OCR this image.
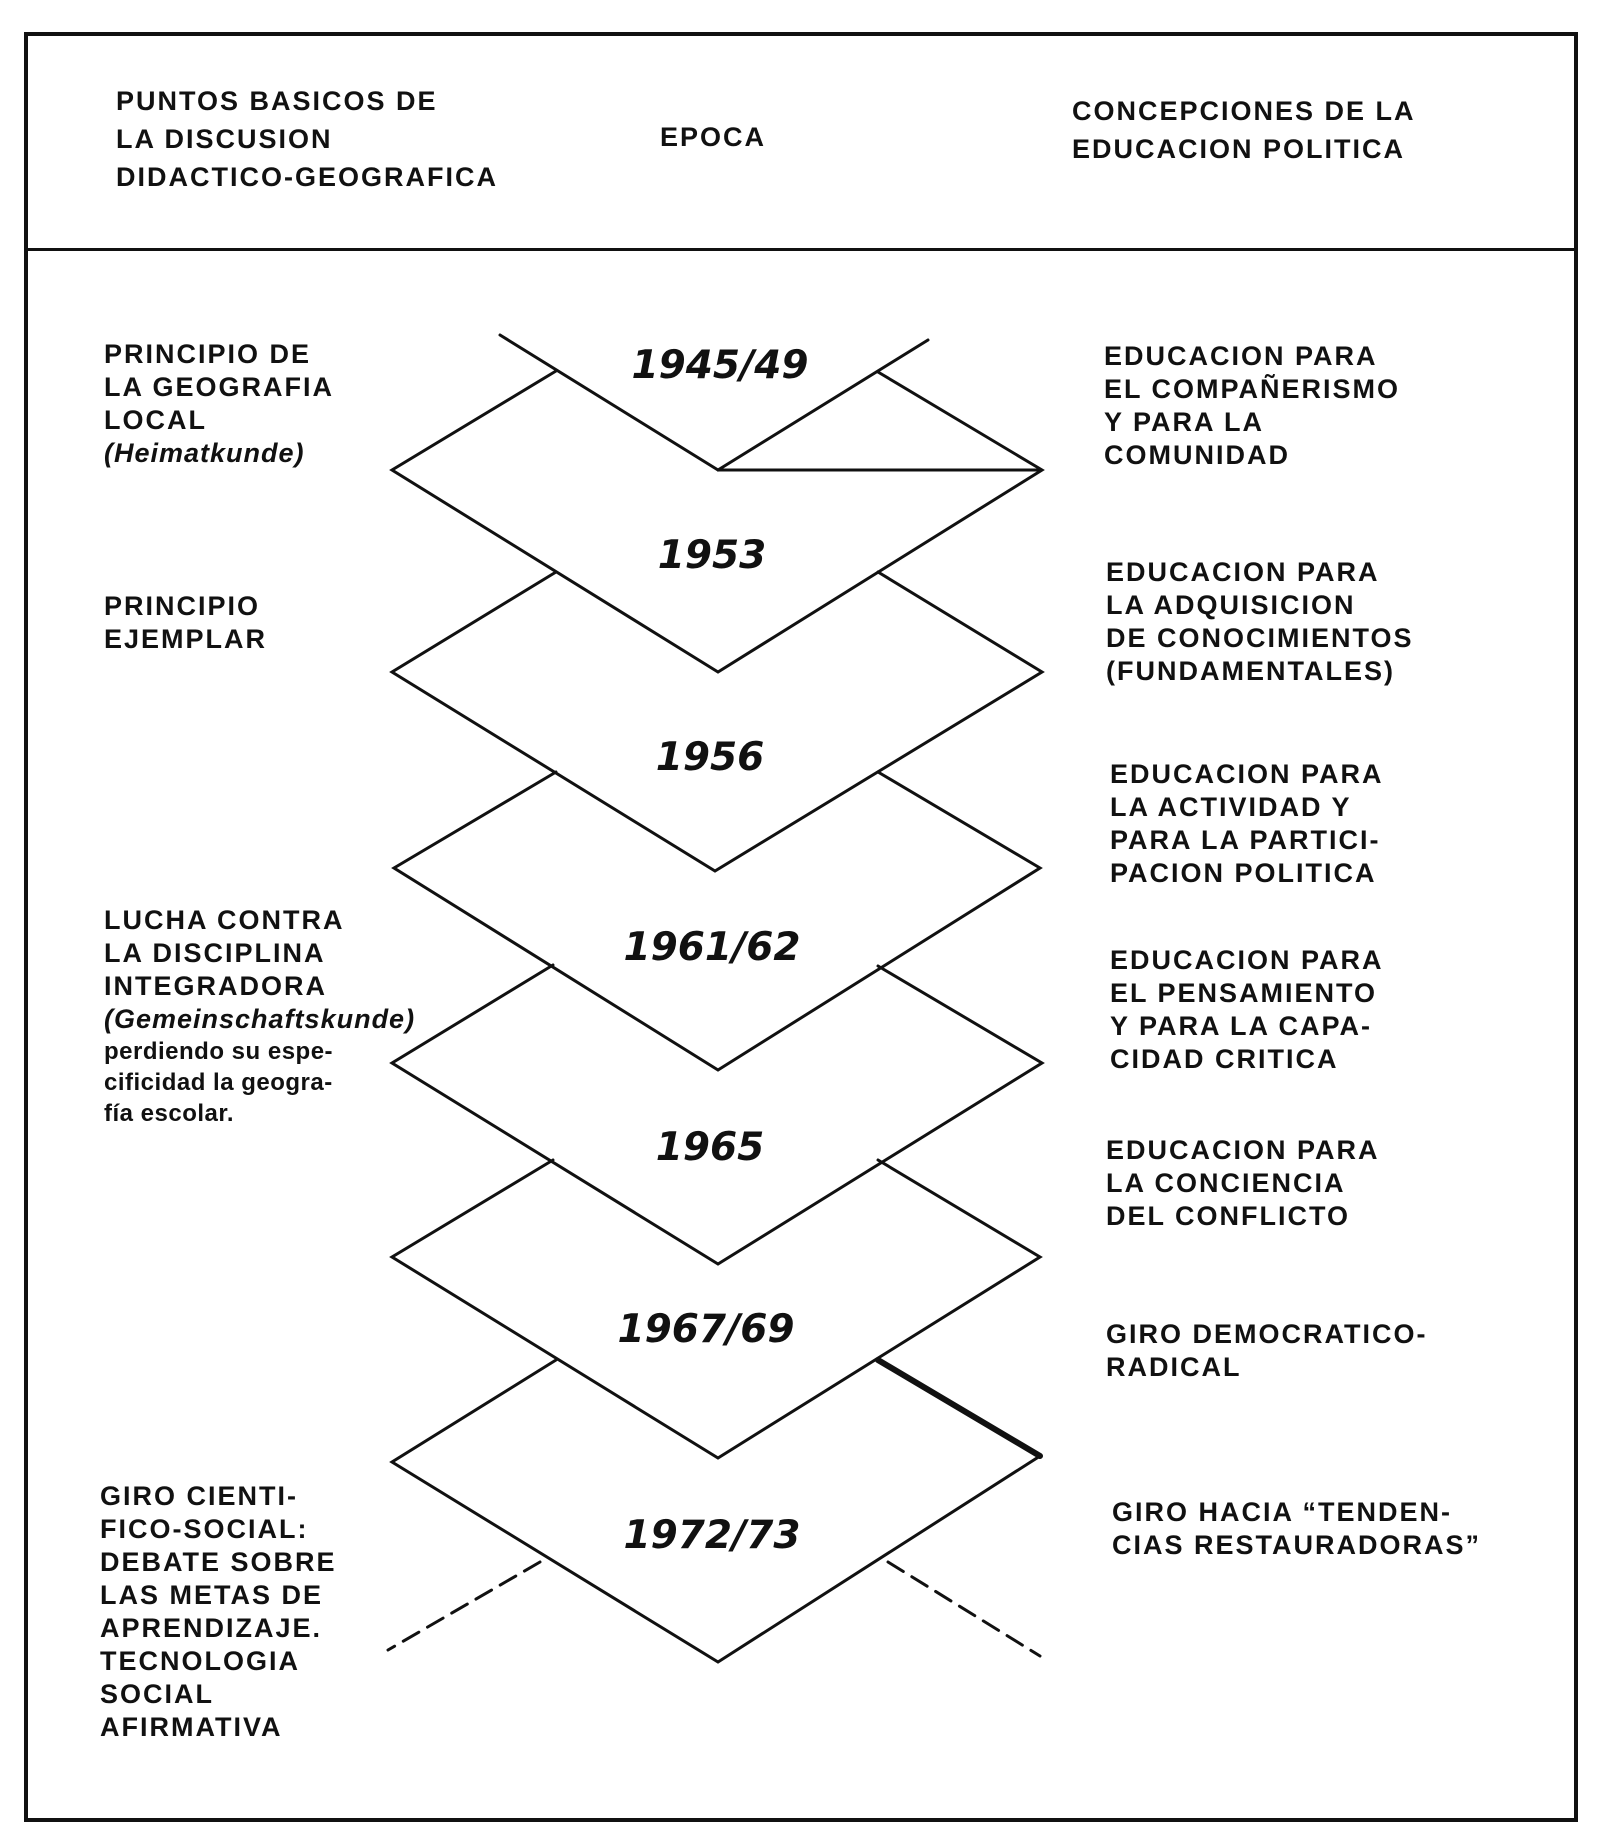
PUNTOS BASICOS DE
LA DISCUSION
DIDACTICO-GEOGRAFICA
EPOCA
CONCEPCIONES DE LA
EDUCACION POLITICA
1945/49
1953
1956
1961/62
1965
1967/69
1972/73
PRINCIPIO DE
LA GEOGRAFIA
LOCAL
(Heimatkunde)
PRINCIPIO
EJEMPLAR
LUCHA CONTRA
LA DISCIPLINA
INTEGRADORA
(Gemeinschaftskunde)
perdiendo su espe-
cificidad la geogra-
fía escolar.
GIRO CIENTI-
FICO-SOCIAL:
DEBATE SOBRE
LAS METAS DE
APRENDIZAJE.
TECNOLOGIA
SOCIAL
AFIRMATIVA
EDUCACION PARA
EL COMPAÑERISMO
Y PARA LA
COMUNIDAD
EDUCACION PARA
LA ADQUISICION
DE CONOCIMIENTOS
(FUNDAMENTALES)
EDUCACION PARA
LA ACTIVIDAD Y
PARA LA PARTICI-
PACION POLITICA
EDUCACION PARA
EL PENSAMIENTO
Y PARA LA CAPA-
CIDAD CRITICA
EDUCACION PARA
LA CONCIENCIA
DEL CONFLICTO
GIRO DEMOCRATICO-
RADICAL
GIRO HACIA “TENDEN-
CIAS RESTAURADORAS”
